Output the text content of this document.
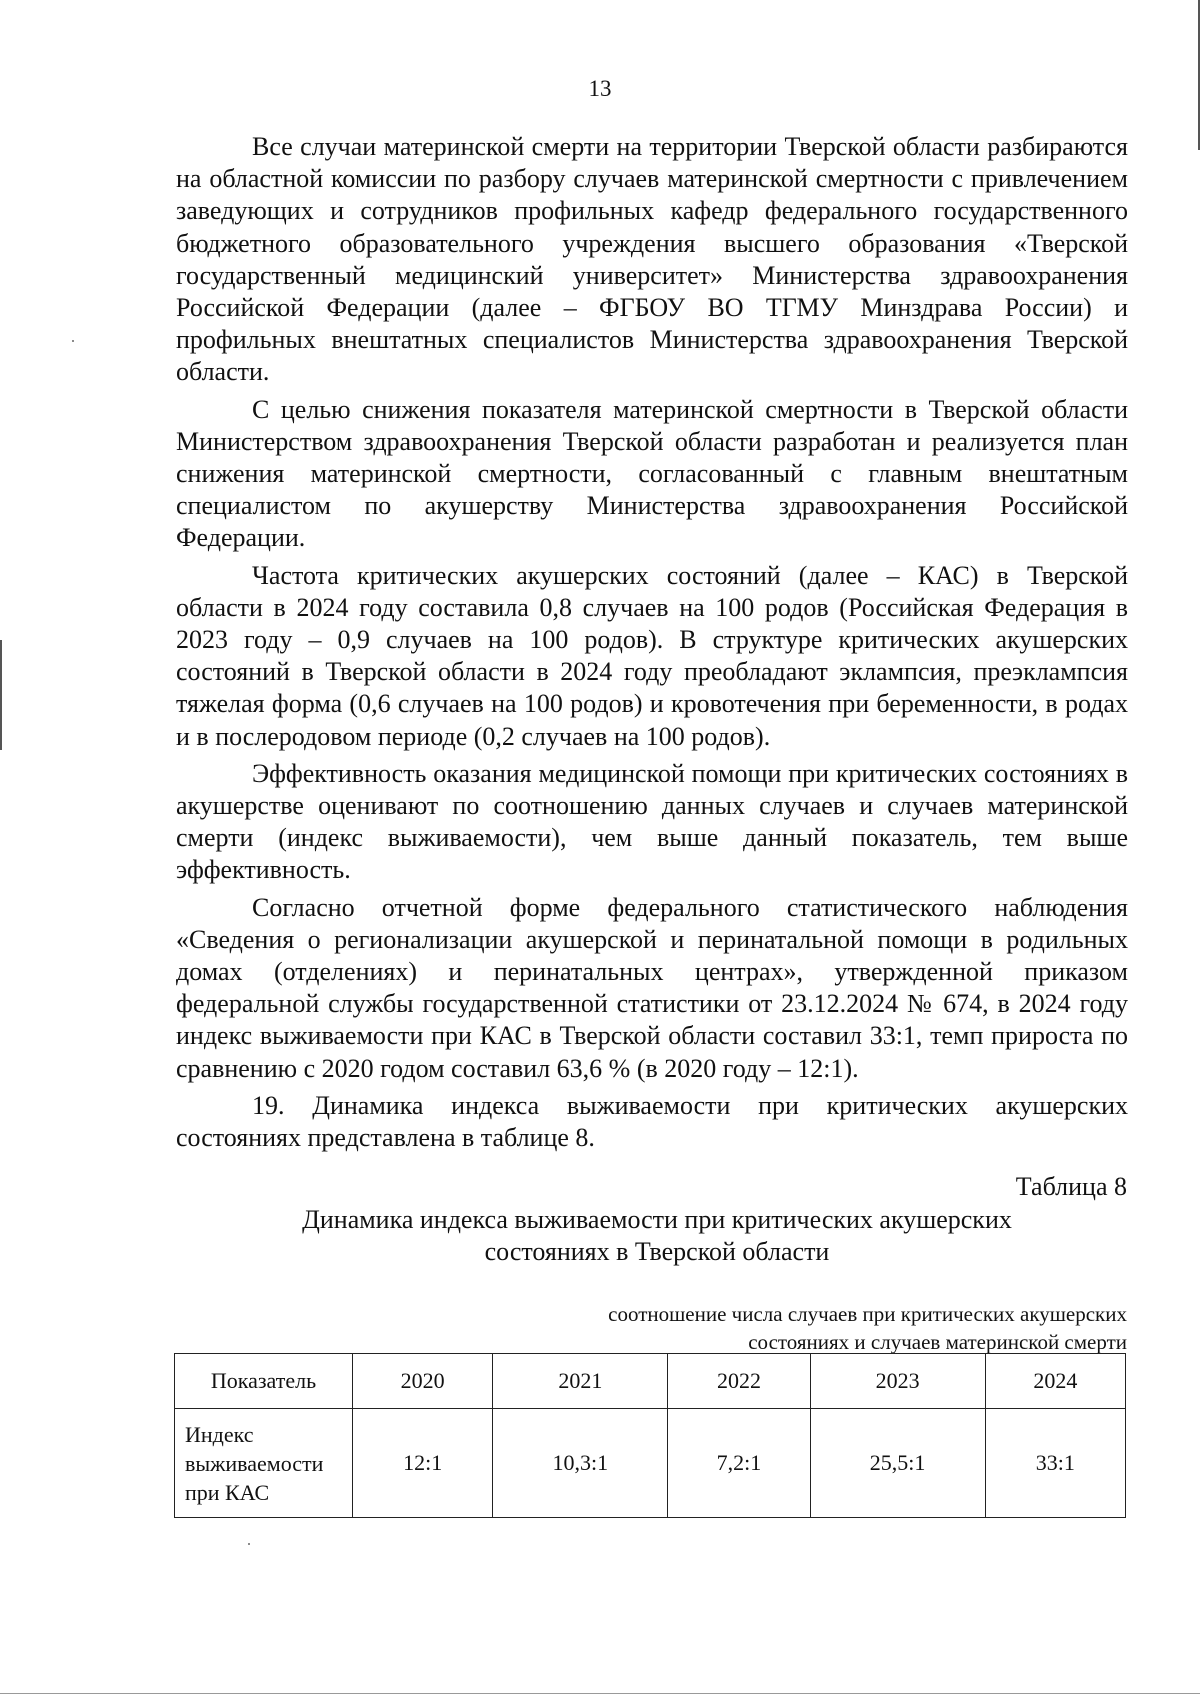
13

Все случаи материнской смерти на территории Тверской области разбираются на областной комиссии по разбору случаев материнской смертности с привлечением заведующих и сотрудников профильных кафедр федерального государственного бюджетного образовательного учреждения высшего образования «Тверской государственный медицинский университет» Министерства здравоохранения Российской Федерации (далее – ФГБОУ ВО ТГМУ Минздрава России) и профильных внештатных специалистов Министерства здравоохранения Тверской области.

С целью снижения показателя материнской смертности в Тверской области Министерством здравоохранения Тверской области разработан и реализуется план снижения материнской смертности, согласованный с главным внештатным специалистом по акушерству Министерства здравоохранения Российской Федерации.

Частота критических акушерских состояний (далее – КАС) в Тверской области в 2024 году составила 0,8 случаев на 100 родов (Российская Федерация в 2023 году – 0,9 случаев на 100 родов). В структуре критических акушерских состояний в Тверской области в 2024 году преобладают эклампсия, преэклампсия тяжелая форма (0,6 случаев на 100 родов) и кровотечения при беременности, в родах и в послеродовом периоде (0,2 случаев на 100 родов).

Эффективность оказания медицинской помощи при критических состояниях в акушерстве оценивают по соотношению данных случаев и случаев материнской смерти (индекс выживаемости), чем выше данный показатель, тем выше эффективность.

Согласно отчетной форме федерального статистического наблюдения «Сведения о регионализации акушерской и перинатальной помощи в родильных домах (отделениях) и перинатальных центрах», утвержденной приказом федеральной службы государственной статистики от 23.12.2024 № 674, в 2024 году индекс выживаемости при КАС в Тверской области составил 33:1, темп прироста по сравнению с 2020 годом составил 63,6 % (в 2020 году – 12:1).

19. Динамика индекса выживаемости при критических акушерских состояниях представлена в таблице 8.

Таблица 8
Динамика индекса выживаемости при критических акушерских
состояниях в Тверской области
соотношение числа случаев при критических акушерских состояниях и случаев материнской смерти
Показатель	2020	2021	2022	2023	2024
Индекс выживаемости при КАС	12:1	10,3:1	7,2:1	25,5:1	33:1
